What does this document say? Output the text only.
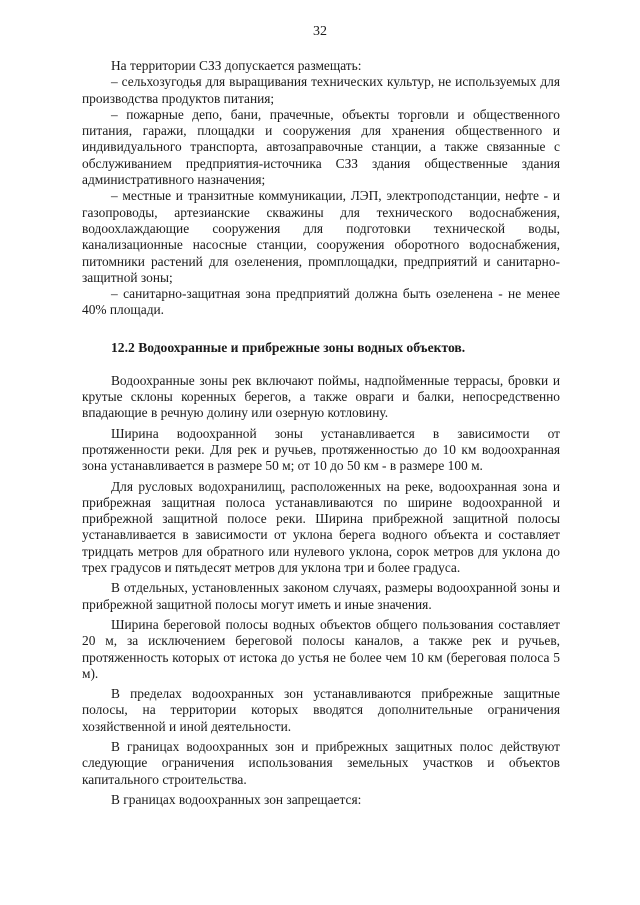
32

На территории СЗЗ допускается размещать:

– сельхозугодья для выращивания технических культур, не используемых для производства продуктов питания;

– пожарные депо, бани, прачечные, объекты торговли и общественного питания, гаражи, площадки и сооружения для хранения общественного и индивидуального транспорта, автозаправочные станции, а также связанные с обслуживанием предприятия-источника СЗЗ здания общественные здания административного назначения;

– местные и транзитные коммуникации, ЛЭП, электроподстанции, нефте - и газопроводы, артезианские скважины для технического водоснабжения, водоохлаждающие сооружения для подготовки технической воды, канализационные насосные станции, сооружения оборотного водоснабжения, питомники растений для озеленения, промплощадки, предприятий и санитарно-защитной зоны;

– санитарно-защитная зона предприятий должна быть озеленена - не менее 40% площади.

12.2 Водоохранные и прибрежные зоны водных объектов.

Водоохранные зоны рек включают поймы, надпойменные террасы, бровки и крутые склоны коренных берегов, а также овраги и балки, непосредственно впадающие в речную долину или озерную котловину.

Ширина водоохранной зоны устанавливается в зависимости от протяженности реки. Для рек и ручьев, протяженностью до 10 км водоохранная зона устанавливается в размере 50 м; от 10 до 50 км - в размере 100 м.

Для русловых водохранилищ, расположенных на реке, водоохранная зона и прибрежная защитная полоса устанавливаются по ширине водоохранной и прибрежной защитной полосе реки. Ширина прибрежной защитной полосы устанавливается в зависимости от уклона берега водного объекта и составляет тридцать метров для обратного или нулевого уклона, сорок метров для уклона до трех градусов и пятьдесят метров для уклона три и более градуса.

В отдельных, установленных законом случаях, размеры водоохранной зоны и прибрежной защитной полосы могут иметь и иные значения.

Ширина береговой полосы водных объектов общего пользования составляет 20 м, за исключением береговой полосы каналов, а также рек и ручьев, протяженность которых от истока до устья не более чем 10 км (береговая полоса 5 м).

В пределах водоохранных зон устанавливаются прибрежные защитные полосы, на территории которых вводятся дополнительные ограничения хозяйственной и иной деятельности.

В границах водоохранных зон и прибрежных защитных полос действуют следующие ограничения использования земельных участков и объектов капитального строительства.

В границах водоохранных зон запрещается:
